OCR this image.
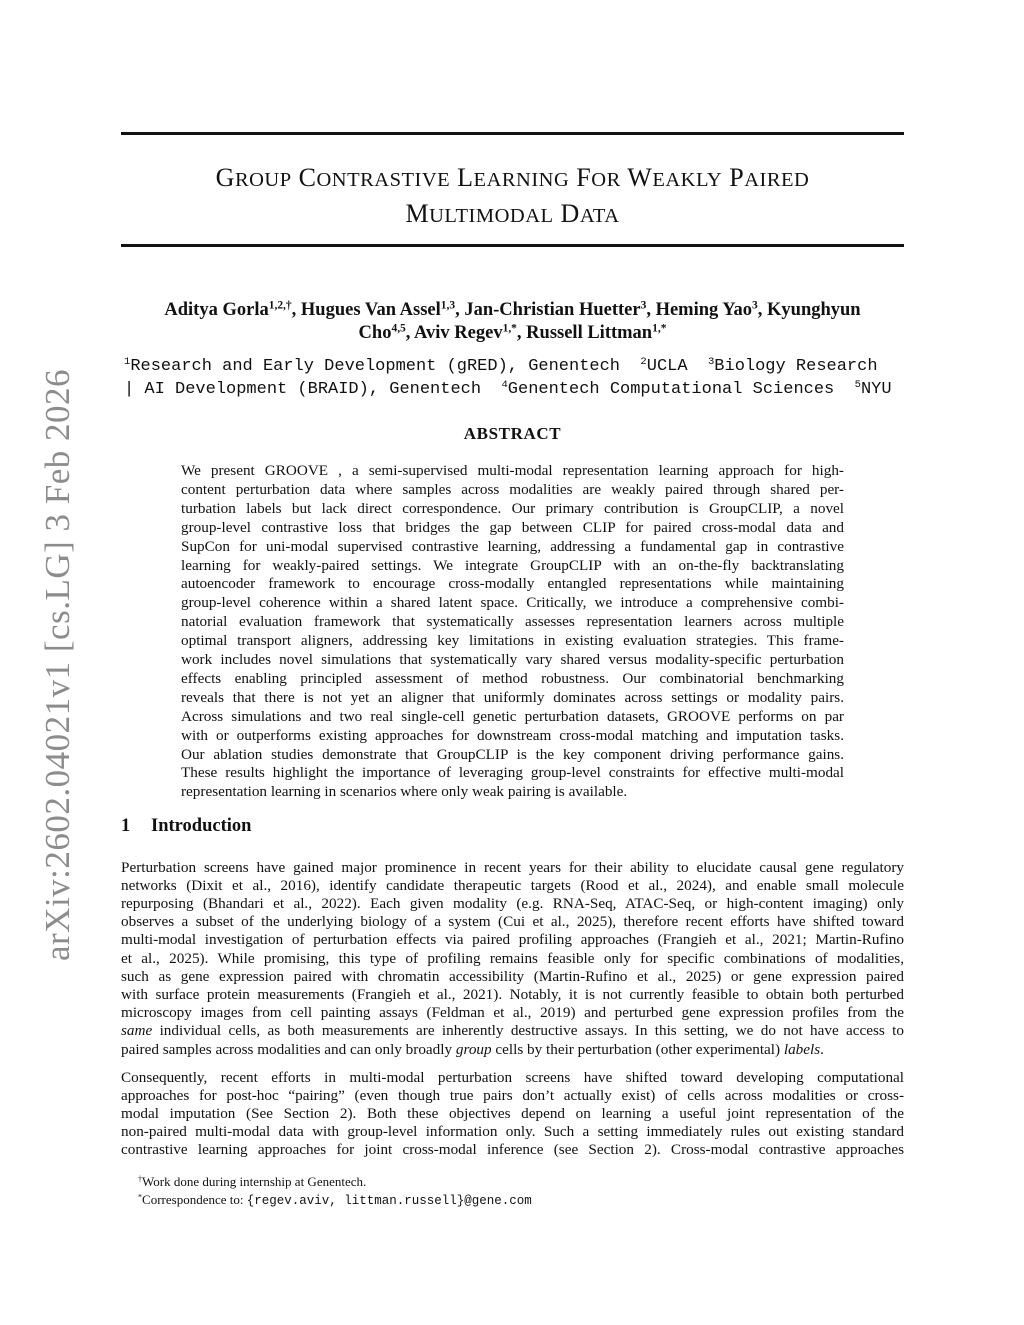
arXiv:2602.04021v1 [cs.LG] 3 Feb 2026
GROUP CONTRASTIVE LEARNING FOR WEAKLY PAIRED
MULTIMODAL DATA
Aditya Gorla$^{1,2,\dagger}$, Hugues Van Assel$^{1,3}$, Jan-Christian Huetter$^3$, Heming Yao$^3$, Kyunghyun
Cho$^{4,5}$, Aviv Regev$^{1,*}$, Russell Littman$^{1,*}$
$^1$Research and Early Development (gRED), Genentech $^2$UCLA $^3$Biology Research
| AI Development (BRAID), Genentech $^4$Genentech Computational Sciences $^5$NYU
ABSTRACT
We present GROOVE , a semi-supervised multi-modal representation learning approach for high-
content perturbation data where samples across modalities are weakly paired through shared per-
turbation labels but lack direct correspondence. Our primary contribution is GroupCLIP, a novel
group-level contrastive loss that bridges the gap between CLIP for paired cross-modal data and
SupCon for uni-modal supervised contrastive learning, addressing a fundamental gap in contrastive
learning for weakly-paired settings. We integrate GroupCLIP with an on-the-fly backtranslating
autoencoder framework to encourage cross-modally entangled representations while maintaining
group-level coherence within a shared latent space. Critically, we introduce a comprehensive combi-
natorial evaluation framework that systematically assesses representation learners across multiple
optimal transport aligners, addressing key limitations in existing evaluation strategies. This frame-
work includes novel simulations that systematically vary shared versus modality-specific perturbation
effects enabling principled assessment of method robustness. Our combinatorial benchmarking
reveals that there is not yet an aligner that uniformly dominates across settings or modality pairs.
Across simulations and two real single-cell genetic perturbation datasets, GROOVE performs on par
with or outperforms existing approaches for downstream cross-modal matching and imputation tasks.
Our ablation studies demonstrate that GroupCLIP is the key component driving performance gains.
These results highlight the importance of leveraging group-level constraints for effective multi-modal
representation learning in scenarios where only weak pairing is available.
1 Introduction
Perturbation screens have gained major prominence in recent years for their ability to elucidate causal gene regulatory
networks (Dixit et al., 2016), identify candidate therapeutic targets (Rood et al., 2024), and enable small molecule
repurposing (Bhandari et al., 2022). Each given modality (e.g. RNA-Seq, ATAC-Seq, or high-content imaging) only
observes a subset of the underlying biology of a system (Cui et al., 2025), therefore recent efforts have shifted toward
multi-modal investigation of perturbation effects via paired profiling approaches (Frangieh et al., 2021; Martin-Rufino
et al., 2025). While promising, this type of profiling remains feasible only for specific combinations of modalities,
such as gene expression paired with chromatin accessibility (Martin-Rufino et al., 2025) or gene expression paired
with surface protein measurements (Frangieh et al., 2021). Notably, it is not currently feasible to obtain both perturbed
microscopy images from cell painting assays (Feldman et al., 2019) and perturbed gene expression profiles from the
same individual cells, as both measurements are inherently destructive assays. In this setting, we do not have access to
paired samples across modalities and can only broadly group cells by their perturbation (other experimental) labels.
Consequently, recent efforts in multi-modal perturbation screens have shifted toward developing computational
approaches for post-hoc “pairing” (even though true pairs don’t actually exist) of cells across modalities or cross-
modal imputation (See Section 2). Both these objectives depend on learning a useful joint representation of the
non-paired multi-modal data with group-level information only. Such a setting immediately rules out existing standard
contrastive learning approaches for joint cross-modal inference (see Section 2). Cross-modal contrastive approaches
†Work done during internship at Genentech.
*Correspondence to: {regev.aviv, littman.russell}@gene.com
